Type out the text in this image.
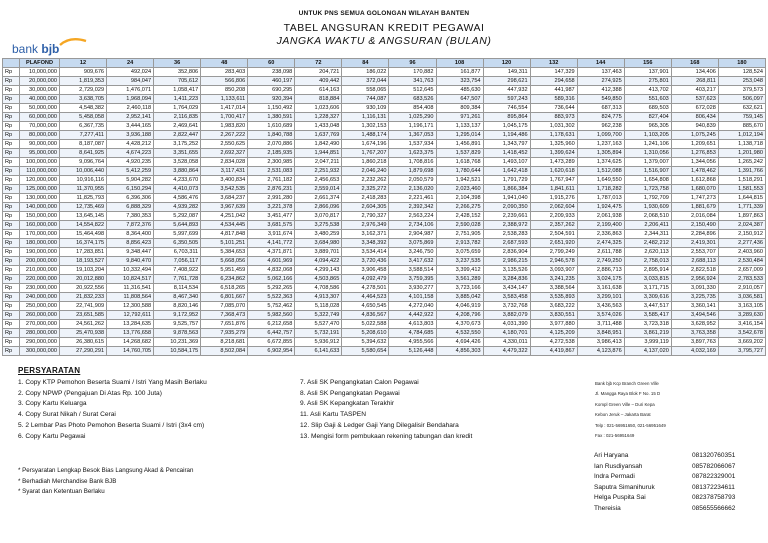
UNTUK PNS SEMUA GOLONGAN WILAYAH BANTEN
TABEL ANGSURAN KREDIT PEGAWAI
JANGKA WAKTU & ANGSURAN (BULAN)
bank bjb
	PLAFOND	12	24	36	48	60	72	84	96	108	120	132	144	156	168	180
Rp	10,000,000	909,676	492,024	352,806	283,403	238,098	204,721	186,022	170,882	161,877	149,311	147,329	137,463	137,901	134,406	128,524
Rp	20,000,000	1,819,353	984,047	705,612	566,806	460,197	409,442	372,044	341,763	323,754	298,621	294,658	274,925	275,801	268,811	253,048
Rp	30,000,000	2,729,029	1,476,071	1,058,417	850,208	690,295	614,163	558,065	512,645	485,630	447,932	441,987	412,388	413,702	403,217	379,573
Rp	40,000,000	3,638,705	1,968,094	1,411,223	1,133,611	920,394	818,884	744,087	683,526	647,507	597,243	589,316	549,850	551,603	537,623	506,097
Rp	50,000,000	4,548,382	2,460,118	1,764,029	1,417,014	1,150,492	1,023,606	930,109	854,408	809,384	746,554	736,644	687,313	689,503	672,028	632,621
Rp	60,000,000	5,458,058	2,952,141	2,116,835	1,700,417	1,380,591	1,228,327	1,116,131	1,025,290	971,261	895,864	883,973	824,775	827,404	806,434	759,145
Rp	70,000,000	6,367,735	3,444,165	2,469,641	1,983,820	1,610,689	1,433,048	1,302,153	1,196,171	1,133,137	1,045,175	1,031,302	962,238	965,305	940,839	885,670
Rp	80,000,000	7,277,411	3,936,188	2,822,447	2,267,222	1,840,788	1,637,769	1,488,174	1,367,053	1,295,014	1,194,486	1,178,631	1,099,700	1,103,205	1,075,245	1,012,194
Rp	90,000,000	8,187,087	4,428,212	3,175,252	2,550,625	2,070,886	1,842,490	1,674,196	1,537,934	1,456,891	1,343,797	1,325,960	1,237,163	1,241,106	1,209,651	1,138,718
Rp	95,000,000	8,641,925	4,674,223	3,351,655	2,692,327	2,185,935	1,944,851	1,767,207	1,623,375	1,537,829	1,418,452	1,399,624	1,305,894	1,310,056	1,276,853	1,201,980
Rp	100,000,000	9,096,764	4,920,235	3,528,058	2,834,028	2,300,985	2,047,211	1,860,218	1,708,816	1,618,768	1,493,107	1,473,289	1,374,625	1,379,007	1,344,056	1,265,242
Rp	110,000,000	10,006,440	5,412,259	3,880,864	3,117,431	2,531,083	2,251,932	2,046,240	1,879,698	1,780,644	1,642,418	1,620,618	1,512,088	1,516,907	1,478,462	1,391,766
Rp	120,000,000	10,916,116	5,904,282	4,233,670	3,400,834	2,761,182	2,456,653	2,232,262	2,050,579	1,942,521	1,791,729	1,767,947	1,649,550	1,654,808	1,612,868	1,518,291
Rp	125,000,000	11,370,955	6,150,294	4,410,073	3,542,535	2,876,231	2,559,014	2,325,272	2,136,020	2,023,460	1,866,384	1,841,611	1,718,282	1,723,758	1,680,070	1,581,553
Rp	130,000,000	11,825,793	6,396,306	4,586,476	3,684,237	2,991,280	2,661,374	2,418,283	2,221,461	2,104,398	1,941,040	1,915,276	1,787,013	1,792,709	1,747,273	1,644,815
Rp	140,000,000	12,735,469	6,888,329	4,939,282	3,967,639	3,221,378	2,866,096	2,604,305	2,392,342	2,266,275	2,090,350	2,062,604	1,924,475	1,930,609	1,881,679	1,771,339
Rp	150,000,000	13,645,145	7,380,353	5,292,087	4,251,042	3,451,477	3,070,817	2,790,327	2,563,224	2,428,152	2,239,661	2,209,933	2,061,938	2,068,510	2,016,084	1,897,863
Rp	160,000,000	14,554,822	7,872,376	5,644,893	4,534,445	3,681,575	3,275,538	2,976,349	2,734,106	2,590,028	2,388,972	2,357,262	2,199,400	2,206,411	2,150,490	2,024,387
Rp	170,000,000	15,464,498	8,364,400	5,997,699	4,817,848	3,911,674	3,480,259	3,162,371	2,904,987	2,751,905	2,538,283	2,504,591	2,336,863	2,344,311	2,284,896	2,150,912
Rp	180,000,000	16,374,175	8,856,423	6,350,505	5,101,251	4,141,772	3,684,980	3,348,392	3,075,869	2,913,782	2,687,593	2,651,920	2,474,325	2,482,212	2,419,301	2,277,436
Rp	190,000,000	17,283,851	9,348,447	6,703,311	5,384,653	4,371,871	3,889,701	3,534,414	3,246,750	3,075,659	2,836,904	2,799,249	2,611,788	2,620,113	2,553,707	2,403,960
Rp	200,000,000	18,193,527	9,840,470	7,056,117	5,668,056	4,601,969	4,094,422	3,720,436	3,417,632	3,237,535	2,986,215	2,946,578	2,749,250	2,758,013	2,688,113	2,530,484
Rp	210,000,000	19,103,204	10,332,494	7,408,922	5,951,459	4,832,068	4,299,143	3,906,458	3,588,514	3,399,412	3,135,526	3,093,907	2,886,713	2,895,914	2,822,518	2,657,009
Rp	220,000,000	20,012,880	10,824,517	7,761,728	6,234,862	5,062,166	4,503,865	4,092,479	3,759,395	3,561,289	3,284,836	3,241,235	3,024,175	3,033,815	2,956,924	2,783,533
Rp	230,000,000	20,922,556	11,316,541	8,114,534	6,518,265	5,292,265	4,708,586	4,278,501	3,930,277	3,723,166	3,434,147	3,388,564	3,161,638	3,171,715	3,091,330	2,910,057
Rp	240,000,000	21,832,233	11,808,564	8,467,340	6,801,667	5,522,363	4,913,307	4,464,523	4,101,158	3,885,042	3,583,458	3,535,893	3,299,101	3,309,616	3,225,735	3,036,581
Rp	250,000,000	22,741,909	12,300,588	8,820,146	7,085,070	5,752,462	5,118,028	4,650,545	4,272,040	4,046,919	3,732,768	3,683,222	3,436,563	3,447,517	3,360,141	3,163,105
Rp	260,000,000	23,651,585	12,792,611	9,172,952	7,368,473	5,982,560	5,322,749	4,836,567	4,442,922	4,208,796	3,882,079	3,830,551	3,574,026	3,585,417	3,494,546	3,289,630
Rp	270,000,000	24,561,262	13,284,635	9,525,757	7,651,876	6,212,658	5,527,470	5,022,588	4,613,803	4,370,673	4,031,390	3,977,880	3,711,488	3,723,318	3,628,952	3,416,154
Rp	280,000,000	25,470,938	13,776,658	9,878,563	7,935,279	6,442,757	5,732,191	5,208,610	4,784,685	4,532,550	4,180,701	4,125,209	3,848,951	3,861,219	3,763,358	3,542,678
Rp	290,000,000	26,380,615	14,268,682	10,231,369	8,218,681	6,672,855	5,936,912	5,394,632	4,955,566	4,694,426	4,330,011	4,272,538	3,986,413	3,999,119	3,897,763	3,669,202
Rp	300,000,000	27,290,291	14,760,705	10,584,175	8,502,084	6,902,954	6,141,633	5,580,654	5,126,448	4,856,303	4,479,322	4,419,867	4,123,876	4,137,020	4,032,169	3,795,727
PERSYARATAN
1. Copy KTP Pemohon Beserta Suami / Istri Yang Masih Berlaku
2. Copy NPWP (Pengajuan Di Atas Rp. 100 Juta)
3. Copy Kartu Keluarga
4. Copy Surat Nikah / Surat Cerai
5. 2 Lembar Pas Photo Pemohon Beserta Suami / Istri (3x4 cm)
6. Copy Kartu Pegawai
7. Asli SK Pengangkatan Calon Pegawai
8. Asli SK Pengangkatan Pegawai
9. Asli SK Kepangkatan Terakhir
11. Asli Kartu TASPEN
12. Slip Gaji & Ledger Gaji Yang Dilegalisir Bendahara
13. Mengisi form pembukaan rekening tabungan dan kredit
* Persyaratan Lengkap Besok Bias Langsung Akad & Pencairan
* Berhadiah Merchandise Bank BJB
* Syarat dan Ketentuan Berlaku
Bank bjb Kcp Branch Green Ville
Jl. Mangga Raya Blok F No. 15 D
Kompl Green Ville – Duri Kepa
Kebon Jeruk – Jakarta Barat
Telp : 021-56951650, 021-56951649
Fax : 021-56951649
Ari Haryana	081320760351
Ian Rusdiyansah	085782066067
Indra Permadi	087822329001
Saputra Simanihuruk	081372234611
Helga Puspita Sai	082378758793
Thereisia	085655566662
